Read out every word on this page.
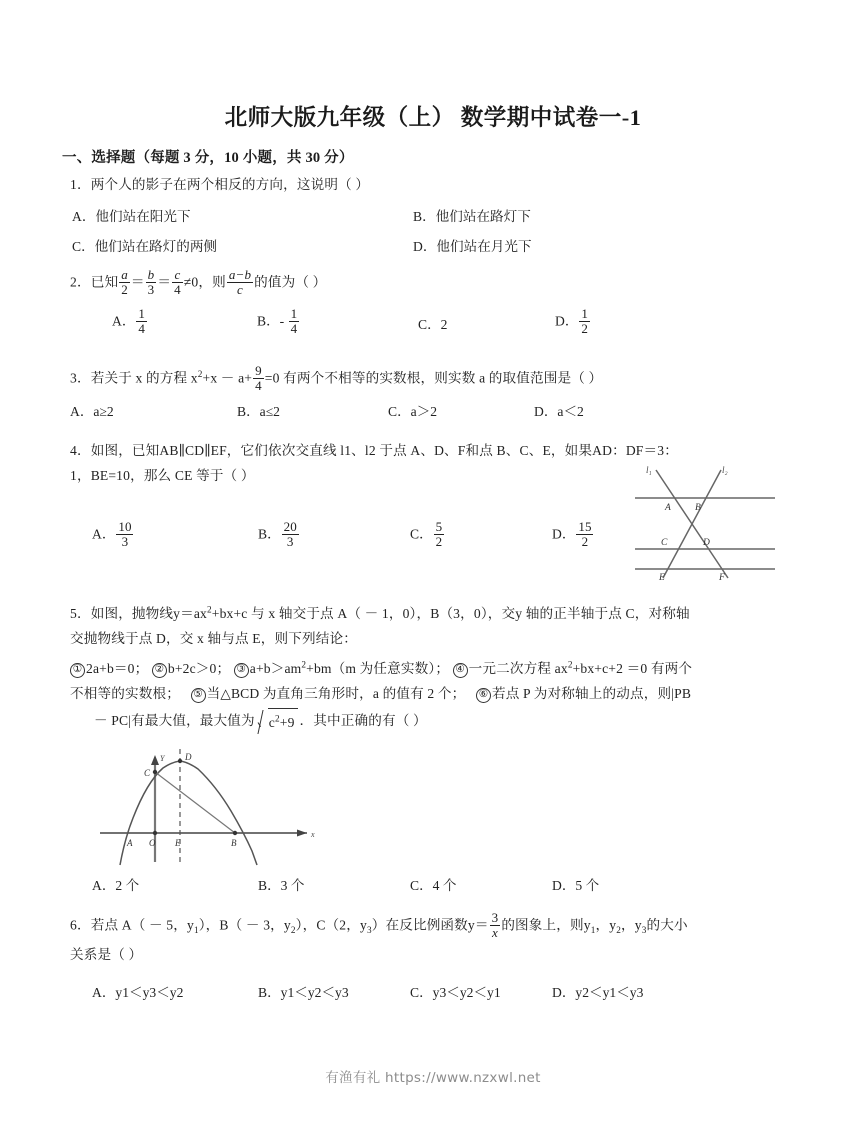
北师大版九年级（上） 数学期中试卷一-1
一、选择题（每题 3 分，10 小题，共 30 分）
1．两个人的影子在两个相反的方向，这说明（ ）
A．他们站在阳光下	B．他们站在路灯下
C．他们站在路灯的两侧	D．他们站在月光下
2．已知 $\frac{a}{2} = \frac{b}{3} = \frac{c}{4} \ne 0$，则 $\frac{a-b}{c}$ 的值为（ ）
A． $\frac{1}{4}$	B．- $\frac{1}{4}$	C．2	D． $\frac{1}{2}$
3．若关于 x 的方程 $x^2+x - a+ \frac{9}{4} =0$ 有两个不相等的实数根，则实数 a 的取值范围是（ ）
A．a≥2	B．a≤2	C．a＞2	D．a＜2
4．如图，已知AB∥CD∥EF，它们依次交直线 l1、l2 于点 A、D、F和点 B、C、E，如果AD：DF＝3：
1，BE=10，那么 CE 等于（ ）	l₁	l₂
A	B
C	D
E	F
A． $\frac{10}{3}$	B． $\frac{20}{3}$	C． $\frac{5}{2}$	D． $\frac{15}{2}$
5．如图，抛物线$y=ax^2+bx+c$ 与 x 轴交于点 A（ － 1，0），B（3，0），交y 轴的正半轴于点 C，对称轴
交抛物线于点 D，交 x 轴与点 E，则下列结论：
① 2a+b＝0； ② b+2c＞0； ③ $a+b>am^2+bm(m$ 为任意实数）； ④ 一元二次方程 $ax^2+bx+c+2 =0$ 有两个
不相等的实数根； ⑤ 当△BCD 为直角三角形时，a 的值有 2 个； ⑥ 若点 P 为对称轴上的动点，则|PB
－ PC|有最大值，最大值为 $c^2+9$ ．其中正确的有（ ）
x
Y
C
D
A O E	B
A．2 个	B．3 个	C．4 个	D．5 个
6．若点 A（ － 5，$y_1$），B（ － 3，$y_2$），C（2，$y_3$）在反比例函数$y= \frac{3}{x}$ 的图象上，则$y_1$，$y_2$，$y_3$的大小
关系是（ ）
A．y1＜y3＜y2	B．y1＜y2＜y3	C．y3＜y2＜y1	D．y2＜y1＜y3
有渔有礼 https://www.nzxwl.net
